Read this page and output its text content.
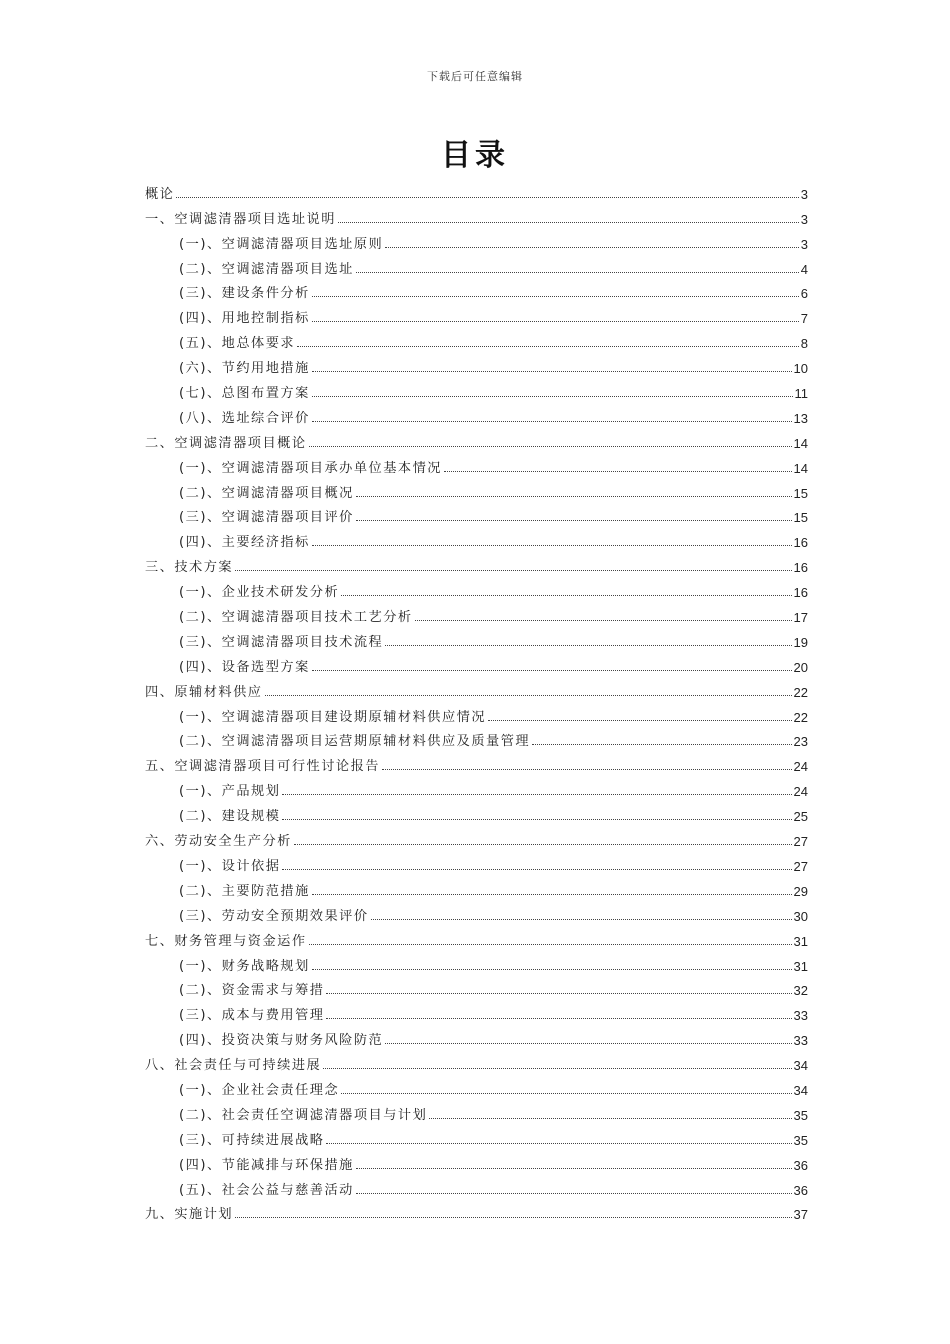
下载后可任意编辑
目录
概论	3
一、空调滤清器项目选址说明	3
(一)、空调滤清器项目选址原则	3
(二)、空调滤清器项目选址	4
(三)、建设条件分析	6
(四)、用地控制指标	7
(五)、地总体要求	8
(六)、节约用地措施	10
(七)、总图布置方案	11
(八)、选址综合评价	13
二、空调滤清器项目概论	14
(一)、空调滤清器项目承办单位基本情况	14
(二)、空调滤清器项目概况	15
(三)、空调滤清器项目评价	15
(四)、主要经济指标	16
三、技术方案	16
(一)、企业技术研发分析	16
(二)、空调滤清器项目技术工艺分析	17
(三)、空调滤清器项目技术流程	19
(四)、设备选型方案	20
四、原辅材料供应	22
(一)、空调滤清器项目建设期原辅材料供应情况	22
(二)、空调滤清器项目运营期原辅材料供应及质量管理	23
五、空调滤清器项目可行性讨论报告	24
(一)、产品规划	24
(二)、建设规模	25
六、劳动安全生产分析	27
(一)、设计依据	27
(二)、主要防范措施	29
(三)、劳动安全预期效果评价	30
七、财务管理与资金运作	31
(一)、财务战略规划	31
(二)、资金需求与筹措	32
(三)、成本与费用管理	33
(四)、投资决策与财务风险防范	33
八、社会责任与可持续进展	34
(一)、企业社会责任理念	34
(二)、社会责任空调滤清器项目与计划	35
(三)、可持续进展战略	35
(四)、节能减排与环保措施	36
(五)、社会公益与慈善活动	36
九、实施计划	37
